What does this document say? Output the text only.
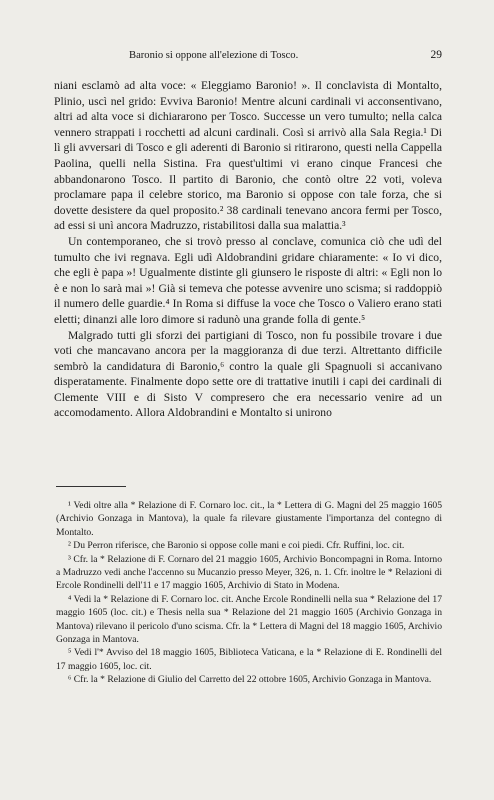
Baronio si oppone all'elezione di Tosco.	29

niani esclamò ad alta voce: « Eleggiamo Baronio! ». Il conclavista di Montalto, Plinio, uscì nel grido: Evviva Baronio! Mentre alcuni cardinali vi acconsentivano, altri ad alta voce si dichiararono per Tosco. Successe un vero tumulto; nella calca vennero strappati i rocchetti ad alcuni cardinali. Così si arrivò alla Sala Regia.¹ Di lì gli avversari di Tosco e gli aderenti di Baronio si ritirarono, questi nella Cappella Paolina, quelli nella Sistina. Fra quest'ultimi vi erano cinque Francesi che abbandonarono Tosco. Il partito di Baronio, che contò oltre 22 voti, voleva proclamare papa il celebre storico, ma Baronio si oppose con tale forza, che si dovette desistere da quel proposito.² 38 cardinali tenevano ancora fermi per Tosco, ad essi si unì ancora Madruzzo, ristabilitosi dalla sua malattia.³

Un contemporaneo, che si trovò presso al conclave, comunica ciò che udì del tumulto che ivi regnava. Egli udì Aldobrandini gridare chiaramente: « Io vi dico, che egli è papa »! Ugualmente distinte gli giunsero le risposte di altri: « Egli non lo è e non lo sarà mai »! Già si temeva che potesse avvenire uno scisma; si raddoppiò il numero delle guardie.⁴ In Roma si diffuse la voce che Tosco o Valiero erano stati eletti; dinanzi alle loro dimore si radunò una grande folla di gente.⁵

Malgrado tutti gli sforzi dei partigiani di Tosco, non fu possibile trovare i due voti che mancavano ancora per la maggioranza di due terzi. Altrettanto difficile sembrò la candidatura di Baronio,⁶ contro la quale gli Spagnuoli si accanivano disperatamente. Finalmente dopo sette ore di trattative inutili i capi dei cardinali di Clemente VIII e di Sisto V compresero che era necessario venire ad un accomodamento. Allora Aldobrandini e Montalto si unirono

¹ Vedi oltre alla * Relazione di F. Cornaro loc. cit., la * Lettera di G. Magni del 25 maggio 1605 (Archivio Gonzaga in Mantova), la quale fa rilevare giustamente l'importanza del contegno di Montalto.

² Du Perron riferisce, che Baronio si oppose colle mani e coi piedi. Cfr. Ruffini, loc. cit.

³ Cfr. la * Relazione di F. Cornaro del 21 maggio 1605, Archivio Boncompagni in Roma. Intorno a Madruzzo vedi anche l'accenno su Mucanzio presso Meyer, 326, n. 1. Cfr. inoltre le * Relazioni di Ercole Rondinelli dell'11 e 17 maggio 1605, Archivio di Stato in Modena.

⁴ Vedi la * Relazione di F. Cornaro loc. cit. Anche Ercole Rondinelli nella sua * Relazione del 17 maggio 1605 (loc. cit.) e Thesis nella sua * Relazione del 21 maggio 1605 (Archivio Gonzaga in Mantova) rilevano il pericolo d'uno scisma. Cfr. la * Lettera di Magni del 18 maggio 1605, Archivio Gonzaga in Mantova.

⁵ Vedi l'* Avviso del 18 maggio 1605, Biblioteca Vaticana, e la * Relazione di E. Rondinelli del 17 maggio 1605, loc. cit.

⁶ Cfr. la * Relazione di Giulio del Carretto del 22 ottobre 1605, Archivio Gonzaga in Mantova.
